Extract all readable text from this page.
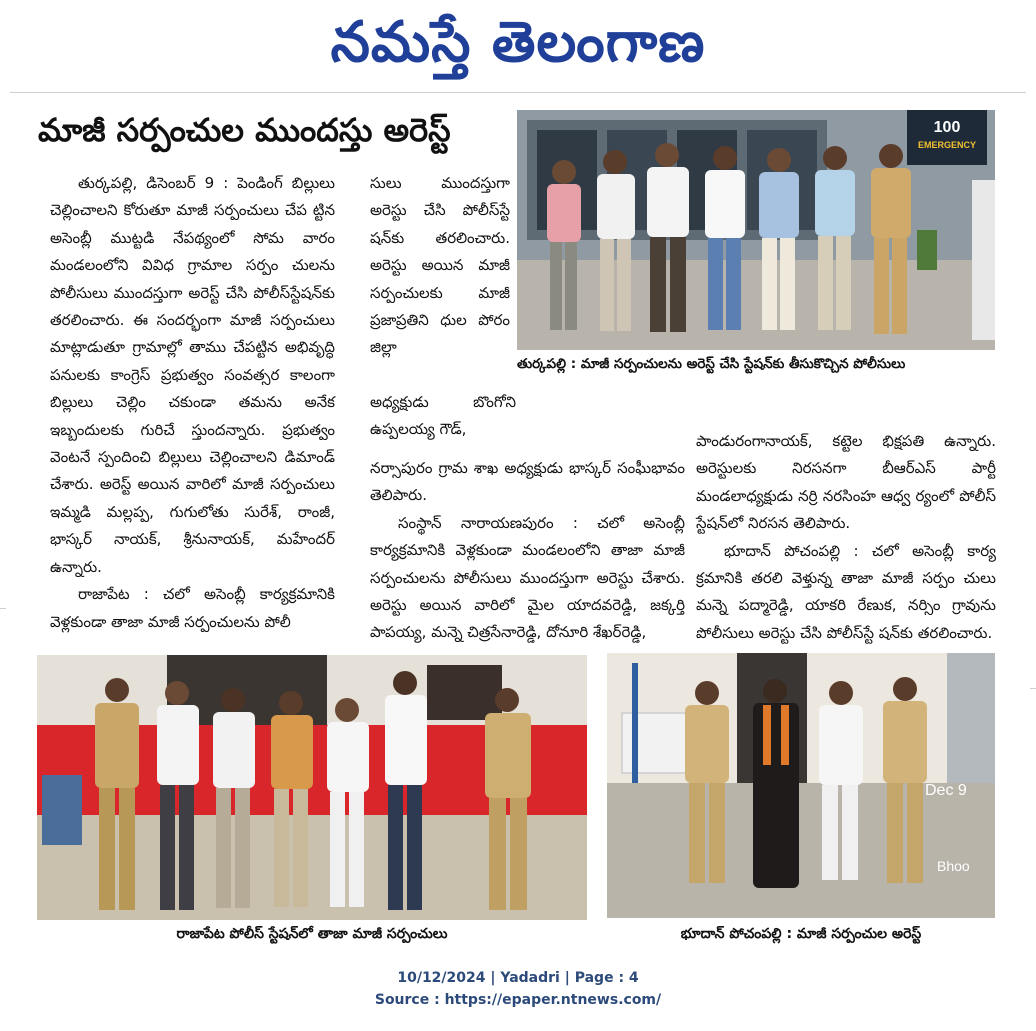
నమస్తే తెలంగాణ
మాజీ సర్పంచుల ముందస్తు అరెస్ట్

తుర్కపల్లి, డిసెంబర్ 9 : పెండింగ్ బిల్లులు చెల్లించాలని కోరుతూ మాజీ సర్పంచులు చేప ట్టిన అసెంబ్లీ ముట్టడి నేపథ్యంలో సోమ వారం మండలంలోని వివిధ గ్రామాల సర్పం చులను పోలీసులు ముందస్తుగా అరెస్ట్ చేసి పోలీస్‌స్టేషన్‌కు తరలించారు. ఈ సందర్భంగా మాజీ సర్పంచులు మాట్లాడుతూ గ్రామాల్లో తాము చేపట్టిన అభివృద్ధి పనులకు కాంగ్రెస్ ప్రభుత్వం సంవత్సర కాలంగా బిల్లులు చెల్లిం చకుండా తమను అనేక ఇబ్బందులకు గురిచే స్తుందన్నారు. ప్రభుత్వం వెంటనే స్పందించి బిల్లులు చెల్లించాలని డిమాండ్ చేశారు. అరెస్ట్ అయిన వారిలో మాజీ సర్పంచులు ఇమ్మడి మల్లప్ప, గుగులోతు సురేశ్, రాంజీ, భాస్కర్ నాయక్, శ్రీనునాయక్, మహేందర్ ఉన్నారు.

రాజాపేట : చలో అసెంబ్లీ కార్యక్రమానికి వెళ్లకుండా తాజా మాజీ సర్పంచులను పోలీ

సులు ముందస్తుగా అరెస్టు చేసి పోలీస్‌స్టే షన్‌కు తరలించారు. అరెస్టు అయిన మాజీ సర్పంచులకు మాజీ ప్రజాప్రతిని ధుల పోరం జిల్లా

అధ్యక్షుడు బొంగోని ఉప్పలయ్య గౌడ్,

నర్సాపురం గ్రామ శాఖ అధ్యక్షుడు భాస్కర్ సంఘీభావం తెలిపారు.

సంస్థాన్ నారాయణపురం : చలో అసెంబ్లీ కార్యక్రమానికి వెళ్లకుండా మండలంలోని తాజా మాజీ సర్పంచులను పోలీసులు ముందస్తుగా అరెస్టు చేశారు. అరెస్టు అయిన వారిలో మైల యాదవరెడ్డి, జక్కర్తి పాపయ్య, మన్నె చిత్రసేనారెడ్డి, దోనూరి శేఖర్‌రెడ్డి,

పాండురంగానాయక్, కట్టెల భిక్షపతి ఉన్నారు. అరెస్టులకు నిరసనగా బీఆర్‌ఎస్ పార్టీ మండలాధ్యక్షుడు నర్రి నరసింహ ఆధ్వ ర్యంలో పోలీస్ స్టేషన్‌లో నిరసన తెలిపారు.

భూదాన్ పోచంపల్లి : చలో అసెంబ్లీ కార్య క్రమానికి తరలి వెళ్తున్న తాజా మాజీ సర్పం చులు మన్నె పద్మారెడ్డి, యాకరి రేణుక, నర్సిం గ్రావును పోలీసులు అరెస్టు చేసి పోలీస్‌స్టే షన్‌కు తరలించారు.

100
EMERGENCY
తుర్కపల్లి : మాజీ సర్పంచులను అరెస్ట్ చేసి స్టేషన్‌కు తీసుకొచ్చిన పోలీసులు
రాజాపేట పోలీస్ స్టేషన్‌లో తాజా మాజీ సర్పంచులు
Dec 9
Bhoo
భూదాన్ పోచంపల్లి : మాజీ సర్పంచుల అరెస్ట్
10/12/2024 | Yadadri | Page : 4
Source : https://epaper.ntnews.com/
